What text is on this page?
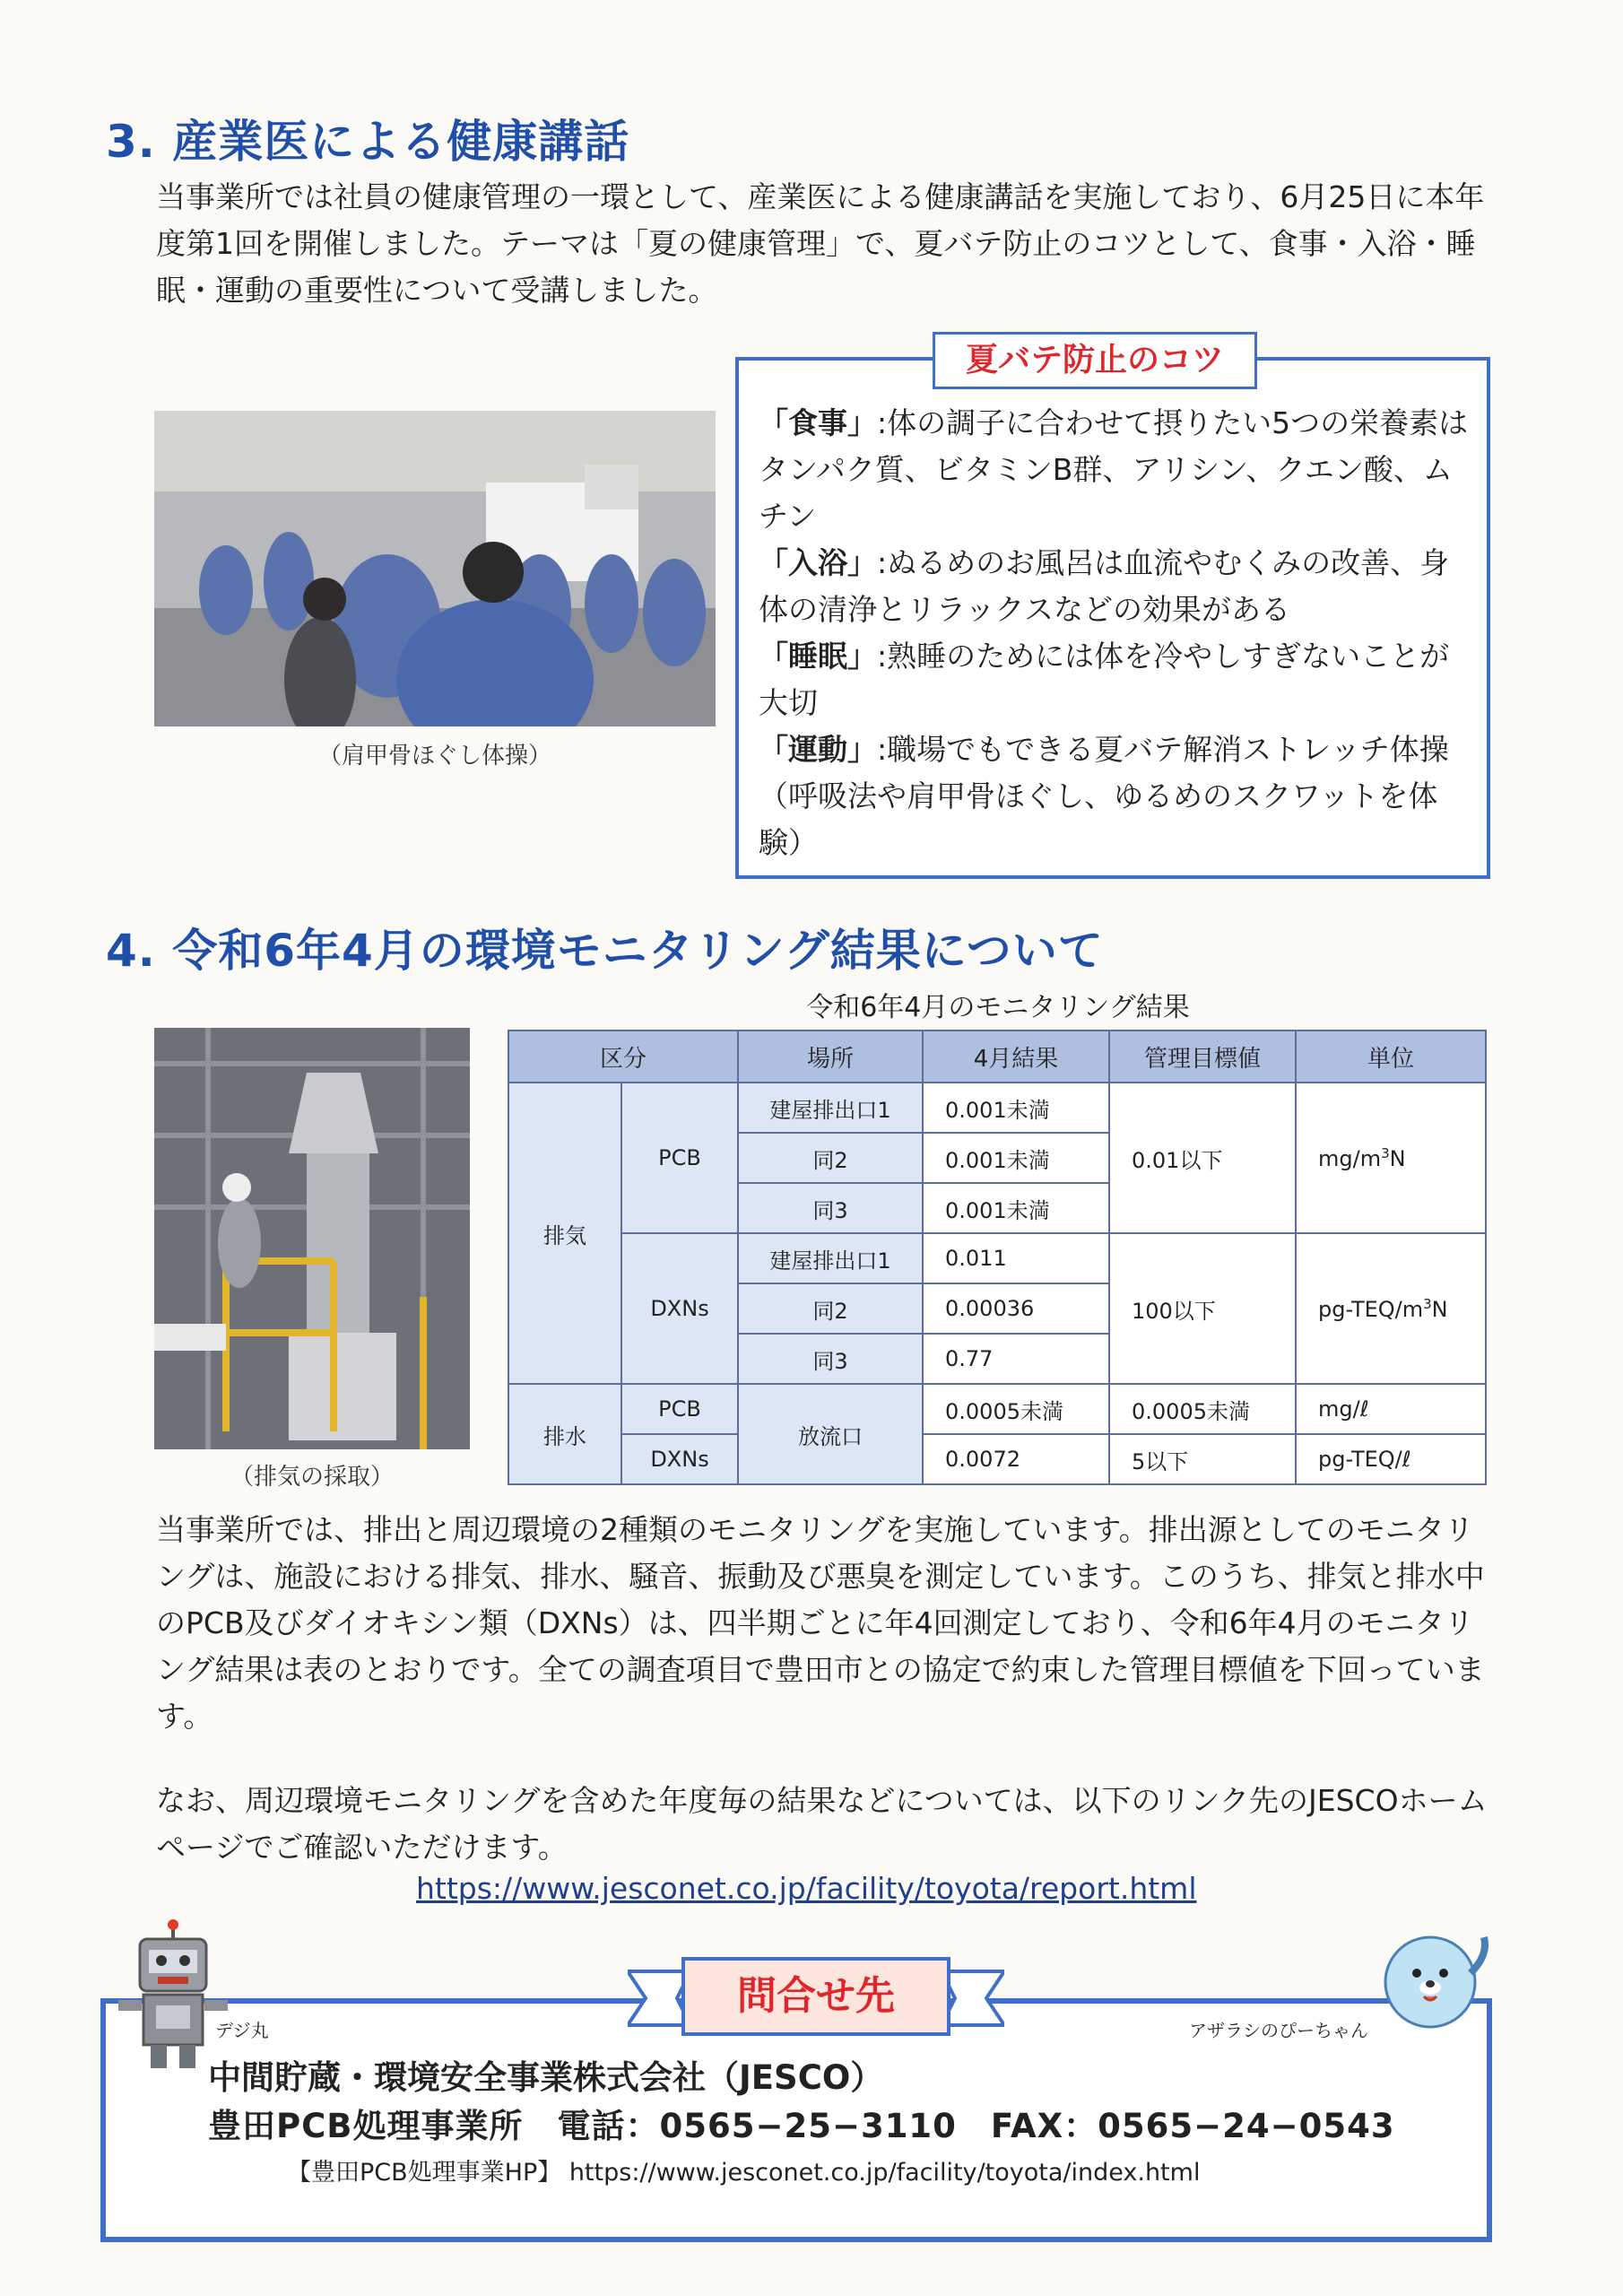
3. 産業医による健康講話
当事業所では社員の健康管理の一環として、産業医による健康講話を実施しており、6月25日に本年度第1回を開催しました。テーマは「夏の健康管理」で、夏バテ防止のコツとして、食事・入浴・睡眠・運動の重要性について受講しました。
（肩甲骨ほぐし体操）
夏バテ防止のコツ
「食事」:体の調子に合わせて摂りたい5つの栄養素はタンパク質、ビタミンB群、アリシン、クエン酸、ムチン
「入浴」:ぬるめのお風呂は血流やむくみの改善、身体の清浄とリラックスなどの効果がある
「睡眠」:熟睡のためには体を冷やしすぎないことが大切
「運動」:職場でもできる夏バテ解消ストレッチ体操（呼吸法や肩甲骨ほぐし、ゆるめのスクワットを体験）
4. 令和6年4月の環境モニタリング結果について
令和6年4月のモニタリング結果
（排気の採取）
区分		場所	4月結果	管理目標値	単位
排気	PCB	建屋排出口1	0.001未満	0.01以下	$mg/m^3N$
		同2	0.001未満		
		同3	0.001未満		
	DXNs	建屋排出口1	0.011	100以下	$pg-TEQ/m^3N$
		同2	0.00036		
		同3	0.77		
排水	PCB	放流口	0.0005未満	0.0005未満	mg/ℓ
	DXNs		0.0072	5以下	pg-TEQ/ℓ
当事業所では、排出と周辺環境の2種類のモニタリングを実施しています。排出源としてのモニタリングは、施設における排気、排水、騒音、振動及び悪臭を測定しています。このうち、排気と排水中のPCB及びダイオキシン類（DXNs）は、四半期ごとに年4回測定しており、令和6年4月のモニタリング結果は表のとおりです。全ての調査項目で豊田市との協定で約束した管理目標値を下回っています。
なお、周辺環境モニタリングを含めた年度毎の結果などについては、以下のリンク先のJESCOホームページでご確認いただけます。
https://www.jesconet.co.jp/facility/toyota/report.html
問合せ先
デジ丸	アザラシのぴーちゃん
中間貯蔵・環境安全事業株式会社（JESCO）
豊田PCB処理事業所　電話：0565−25−3110　FAX：0565−24−0543
【豊田PCB処理事業HP】 https://www.jesconet.co.jp/facility/toyota/index.html
